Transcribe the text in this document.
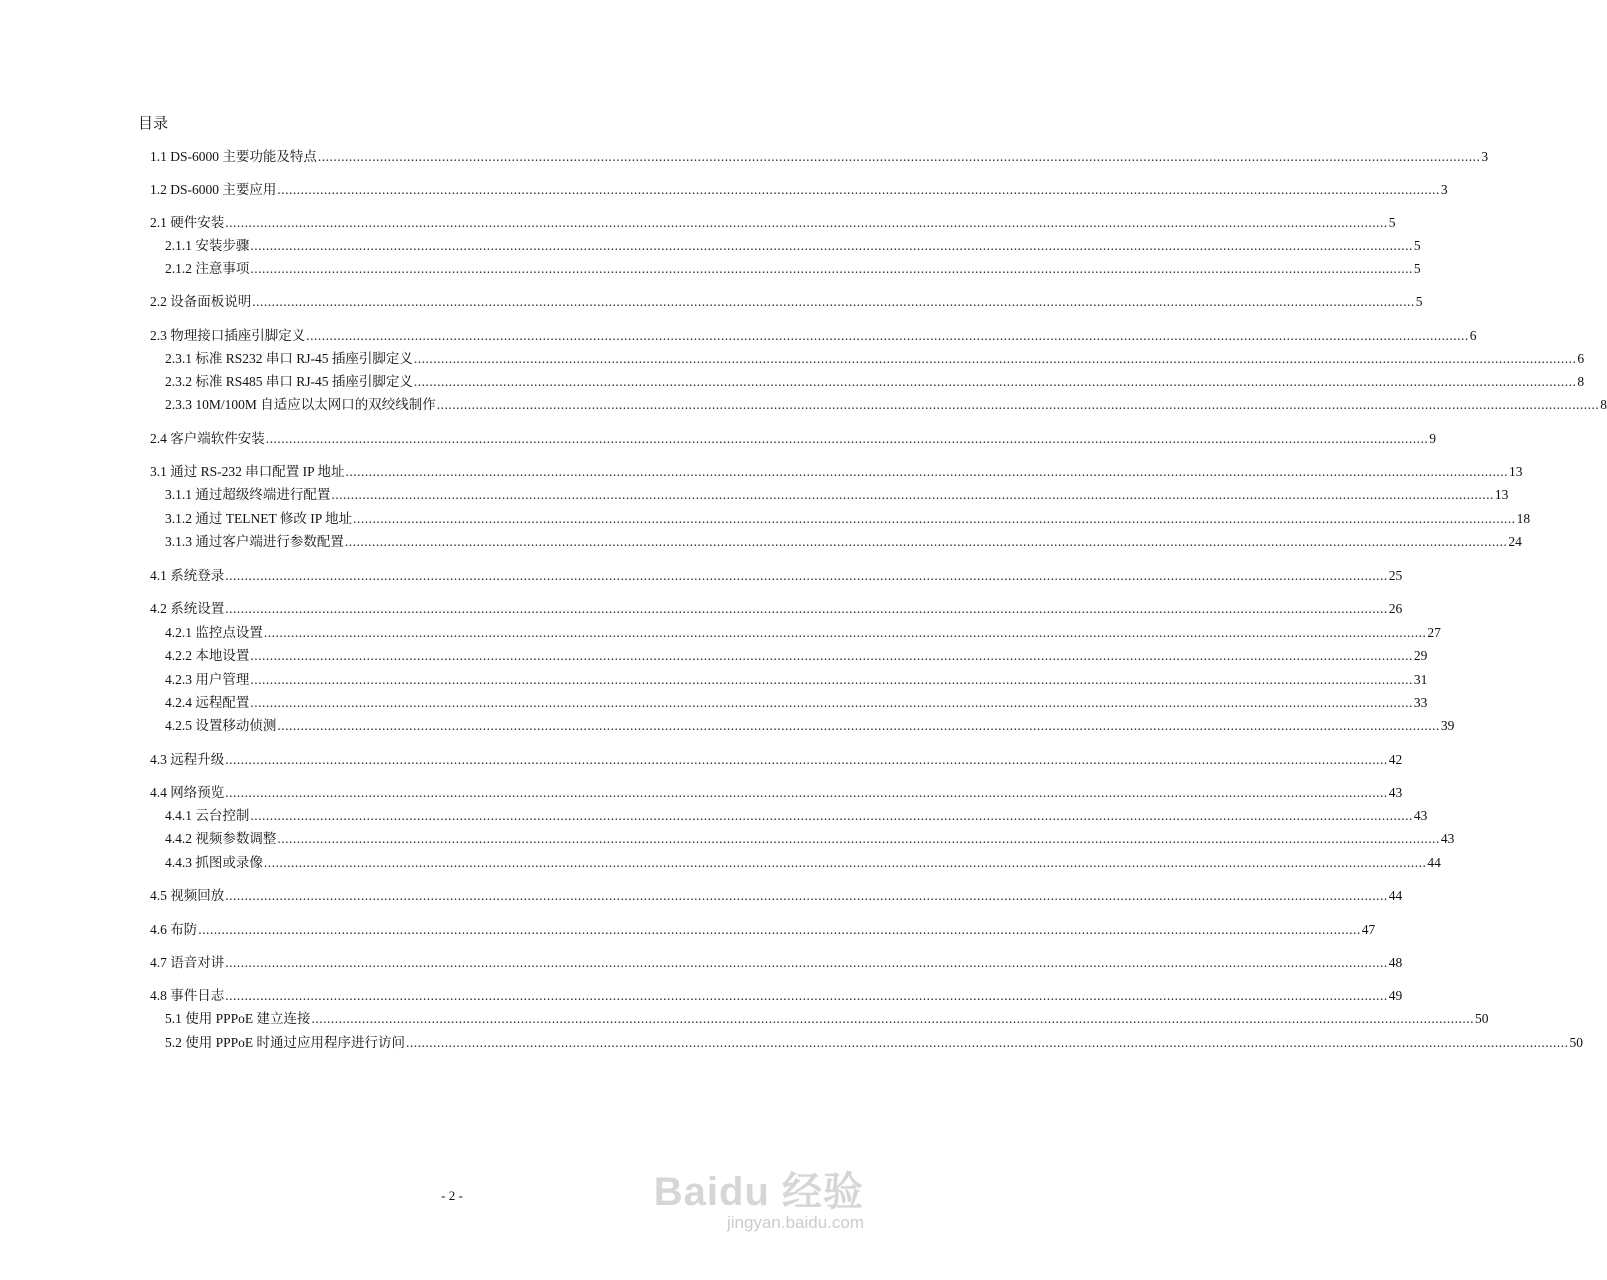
目录
1.1 DS-6000 主要功能及特点 ............................................................................................................................................................................................................................................................................................................ 3
1.2 DS-6000 主要应用 ............................................................................................................................................................................................................................................................................................................ 3
2.1 硬件安装 ............................................................................................................................................................................................................................................................................................................ 5
2.1.1 安装步骤 ............................................................................................................................................................................................................................................................................................................ 5
2.1.2 注意事项 ............................................................................................................................................................................................................................................................................................................ 5
2.2 设备面板说明 ............................................................................................................................................................................................................................................................................................................ 5
2.3 物理接口插座引脚定义 ............................................................................................................................................................................................................................................................................................................ 6
2.3.1 标准 RS232 串口 RJ-45 插座引脚定义 ............................................................................................................................................................................................................................................................................................................ 6
2.3.2 标准 RS485 串口 RJ-45 插座引脚定义 ............................................................................................................................................................................................................................................................................................................ 8
2.3.3 10M/100M 自适应以太网口的双绞线制作 ............................................................................................................................................................................................................................................................................................................ 8
2.4 客户端软件安装 ............................................................................................................................................................................................................................................................................................................ 9
3.1 通过 RS-232 串口配置 IP 地址 ............................................................................................................................................................................................................................................................................................................ 13
3.1.1 通过超级终端进行配置 ............................................................................................................................................................................................................................................................................................................ 13
3.1.2 通过 TELNET 修改 IP 地址 ............................................................................................................................................................................................................................................................................................................ 18
3.1.3 通过客户端进行参数配置 ............................................................................................................................................................................................................................................................................................................ 24
4.1 系统登录 ............................................................................................................................................................................................................................................................................................................ 25
4.2 系统设置 ............................................................................................................................................................................................................................................................................................................ 26
4.2.1 监控点设置 ............................................................................................................................................................................................................................................................................................................ 27
4.2.2 本地设置 ............................................................................................................................................................................................................................................................................................................ 29
4.2.3 用户管理 ............................................................................................................................................................................................................................................................................................................ 31
4.2.4 远程配置 ............................................................................................................................................................................................................................................................................................................ 33
4.2.5 设置移动侦测 ............................................................................................................................................................................................................................................................................................................ 39
4.3 远程升级 ............................................................................................................................................................................................................................................................................................................ 42
4.4 网络预览 ............................................................................................................................................................................................................................................................................................................ 43
4.4.1 云台控制 ............................................................................................................................................................................................................................................................................................................ 43
4.4.2 视频参数调整 ............................................................................................................................................................................................................................................................................................................ 43
4.4.3 抓图或录像 ............................................................................................................................................................................................................................................................................................................ 44
4.5 视频回放 ............................................................................................................................................................................................................................................................................................................ 44
4.6 布防 ............................................................................................................................................................................................................................................................................................................ 47
4.7 语音对讲 ............................................................................................................................................................................................................................................................................................................ 48
4.8 事件日志 ............................................................................................................................................................................................................................................................................................................ 49
5.1 使用 PPPoE 建立连接 ............................................................................................................................................................................................................................................................................................................ 50
5.2 使用 PPPoE 时通过应用程序进行访问 ............................................................................................................................................................................................................................................................................................................ 50
- 2 -	Baidu 经验
jingyan.baidu.com
